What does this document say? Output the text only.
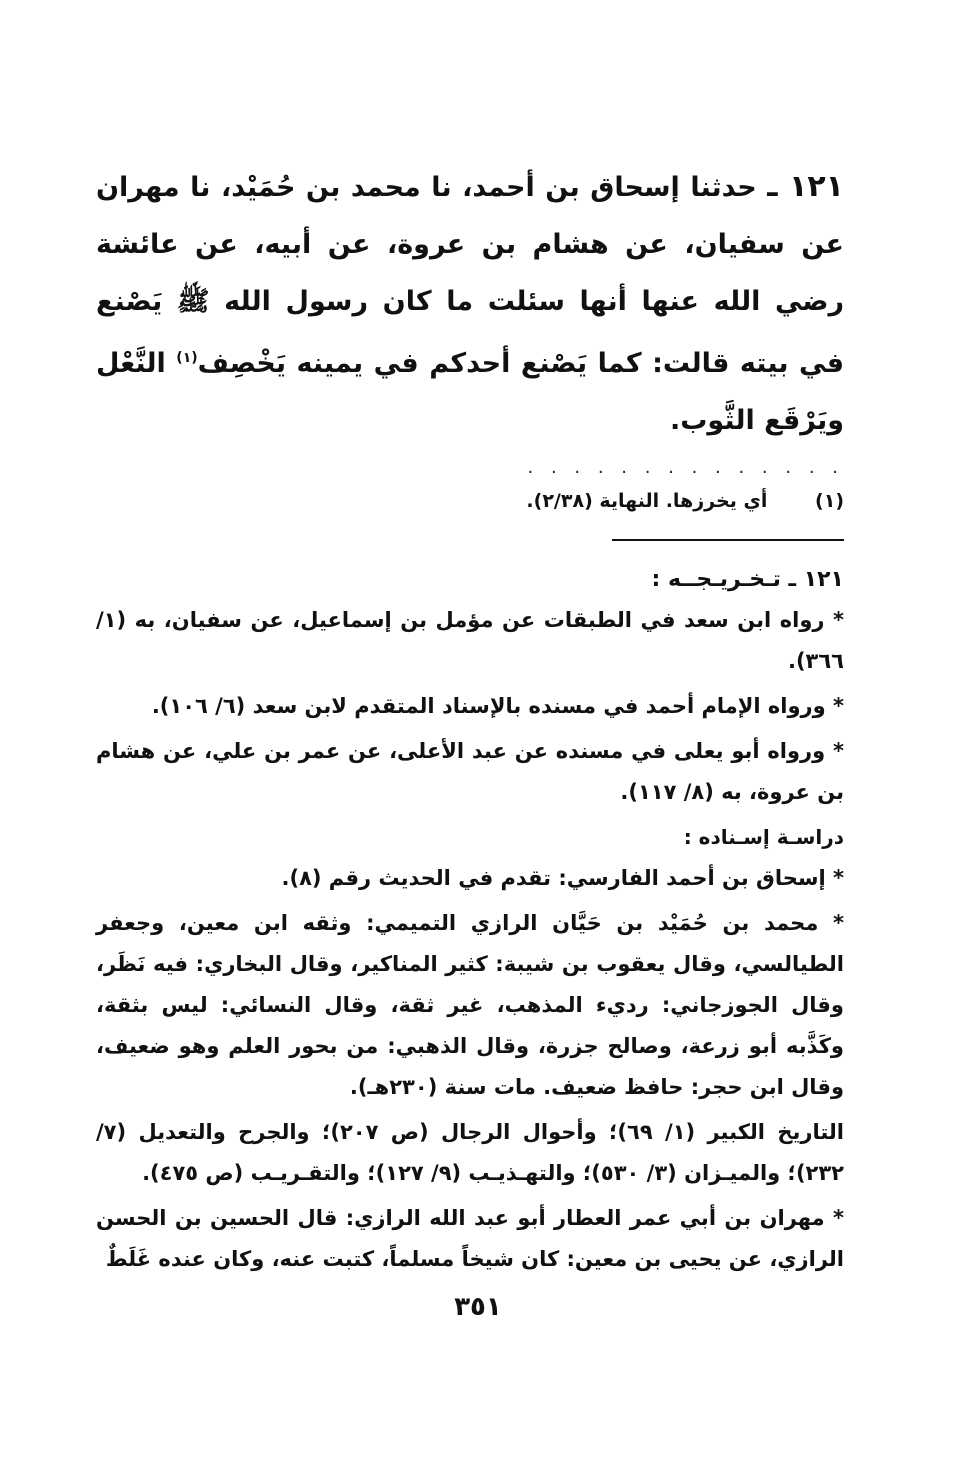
١٢١ ـ حدثنا إسحاق بن أحمد، نا محمد بن حُمَيْد، نا مهران عن سفيان، عن هشام بن عروة، عن أبيه، عن عائشة رضي الله عنها أنها سئلت ما كان رسول الله ﷺ يَصْنع في بيته قالت: كما يَصْنع أحدكم في يمينه يَخْصِف$^{(١)}$ النَّعْل ويَرْقَع الثَّوب.
. . . . . . . . . . . . . .
(١) أي يخرزها. النهاية (٢/٣٨).
١٢١ ـ تـخـريـجــه :
* رواه ابن سعد في الطبقات عن مؤمل بن إسماعيل، عن سفيان، به (١/ ٣٦٦).
* ورواه الإمام أحمد في مسنده بالإسناد المتقدم لابن سعد (٦/ ١٠٦).
* ورواه أبو يعلى في مسنده عن عبد الأعلى، عن عمر بن علي، عن هشام بن عروة، به (٨/ ١١٧).
دراسـة إسـناده :
* إسحاق بن أحمد الفارسي: تقدم في الحديث رقم (٨).
* محمد بن حُمَيْد بن حَيَّان الرازي التميمي: وثقه ابن معين، وجعفر الطيالسي، وقال يعقوب بن شيبة: كثير المناكير، وقال البخاري: فيه نَظَر، وقال الجوزجاني: رديء المذهب، غير ثقة، وقال النسائي: ليس بثقة، وكَذَّبه أبو زرعة، وصالح جزرة، وقال الذهبي: من بحور العلم وهو ضعيف، وقال ابن حجر: حافظ ضعيف. مات سنة (٢٣٠هـ).
التاريخ الكبير (١/ ٦٩)؛ وأحوال الرجال (ص ٢٠٧)؛ والجرح والتعديل (٧/ ٢٣٢)؛ والميـزان (٣/ ٥٣٠)؛ والتهـذيـب (٩/ ١٢٧)؛ والتقـريـب (ص ٤٧٥).
* مهران بن أبي عمر العطار أبو عبد الله الرازي: قال الحسين بن الحسن الرازي، عن يحيى بن معين: كان شيخاً مسلماً، كتبت عنه، وكان عنده غَلَطٌ
٣٥١
